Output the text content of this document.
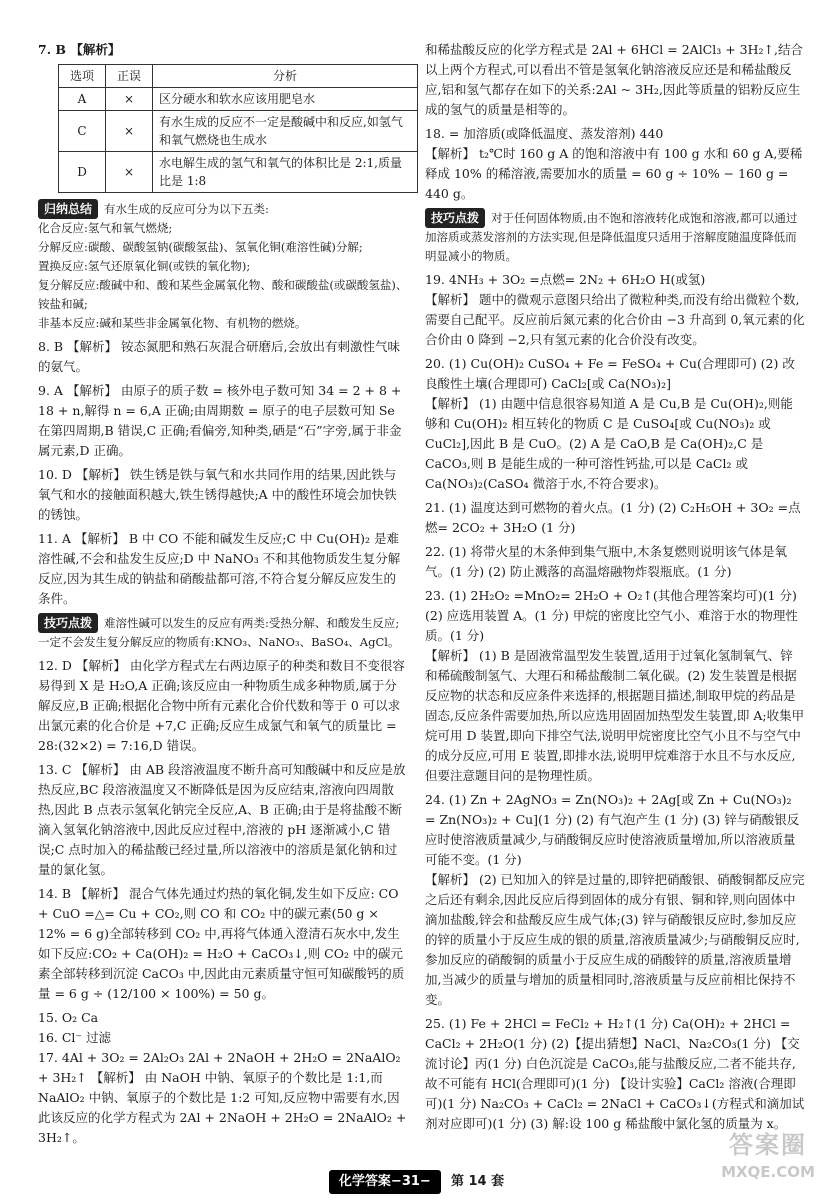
7. B 【解析】

选项	正误	分析
A	×	区分硬水和软水应该用肥皂水
C	×	有水生成的反应不一定是酸碱中和反应,如氢气和氧气燃烧也生成水
D	×	水电解生成的氢气和氧气的体积比是 2:1,质量比是 1:8
归纳总结 有水生成的反应可分为以下五类:

化合反应:氢气和氧气燃烧;

分解反应:碳酸、碳酸氢钠(碳酸氢盐)、氢氧化铜(难溶性碱)分解;

置换反应:氢气还原氧化铜(或铁的氧化物);

复分解反应:酸碱中和、酸和某些金属氧化物、酸和碳酸盐(或碳酸氢盐)、铵盐和碱;

非基本反应:碱和某些非金属氧化物、有机物的燃烧。

8. B 【解析】 铵态氮肥和熟石灰混合研磨后,会放出有刺激性气味的氨气。

9. A 【解析】 由原子的质子数 = 核外电子数可知 34 = 2 + 8 + 18 + n,解得 n = 6,A 正确;由周期数 = 原子的电子层数可知 Se 在第四周期,B 错误,C 正确;看偏旁,知种类,硒是“石”字旁,属于非金属元素,D 正确。

10. D 【解析】 铁生锈是铁与氧气和水共同作用的结果,因此铁与氧气和水的接触面积越大,铁生锈得越快;A 中的酸性环境会加快铁的锈蚀。

11. A 【解析】 B 中 CO 不能和碱发生反应;C 中 Cu(OH)₂ 是难溶性碱,不会和盐发生反应;D 中 NaNO₃ 不和其他物质发生复分解反应,因为其生成的钠盐和硝酸盐都可溶,不符合复分解反应发生的条件。

技巧点拨 难溶性碱可以发生的反应有两类:受热分解、和酸发生反应;一定不会发生复分解反应的物质有:KNO₃、NaNO₃、BaSO₄、AgCl。

12. D 【解析】 由化学方程式左右两边原子的种类和数目不变很容易得到 X 是 H₂O,A 正确;该反应由一种物质生成多种物质,属于分解反应,B 正确;根据化合物中所有元素化合价代数和等于 0 可以求出氯元素的化合价是 +7,C 正确;反应生成氯气和氧气的质量比 = 28:(32×2) = 7:16,D 错误。

13. C 【解析】 由 AB 段溶液温度不断升高可知酸碱中和反应是放热反应,BC 段溶液温度又不断降低是因为反应结束,溶液向四周散热,因此 B 点表示氢氧化钠完全反应,A、B 正确;由于是将盐酸不断滴入氢氧化钠溶液中,因此反应过程中,溶液的 pH 逐渐减小,C 错误;C 点时加入的稀盐酸已经过量,所以溶液中的溶质是氯化钠和过量的氯化氢。

14. B 【解析】 混合气体先通过灼热的氧化铜,发生如下反应: CO + CuO =△= Cu + CO₂,则 CO 和 CO₂ 中的碳元素(50 g × 12% = 6 g)全部转移到 CO₂ 中,再将气体通入澄清石灰水中,发生如下反应:CO₂ + Ca(OH)₂ = H₂O + CaCO₃↓,则 CO₂ 中的碳元素全部转移到沉淀 CaCO₃ 中,因此由元素质量守恒可知碳酸钙的质量 = 6 g ÷ (12/100 × 100%) = 50 g。

15. O₂ Ca

16. Cl⁻ 过滤

17. 4Al + 3O₂ = 2Al₂O₃ 2Al + 2NaOH + 2H₂O = 2NaAlO₂ + 3H₂↑ 【解析】 由 NaOH 中钠、氧原子的个数比是 1:1,而 NaAlO₂ 中钠、氧原子的个数比是 1:2 可知,反应物中需要有水,因此该反应的化学方程式为 2Al + 2NaOH + 2H₂O = 2NaAlO₂ + 3H₂↑。

和稀盐酸反应的化学方程式是 2Al + 6HCl = 2AlCl₃ + 3H₂↑,结合以上两个方程式,可以看出不管是氢氧化钠溶液反应还是和稀盐酸反应,铝和氢气都存在如下的关系:2Al ~ 3H₂,因此等质量的铝粉反应生成的氢气的质量是相等的。

18. = 加溶质(或降低温度、蒸发溶剂) 440

【解析】 t₂℃时 160 g A 的饱和溶液中有 100 g 水和 60 g A,要稀释成 10% 的稀溶液,需要加水的质量 = 60 g ÷ 10% − 160 g = 440 g。

技巧点拨 对于任何固体物质,由不饱和溶液转化成饱和溶液,都可以通过加溶质或蒸发溶剂的方法实现,但是降低温度只适用于溶解度随温度降低而明显减小的物质。

19. 4NH₃ + 3O₂ =点燃= 2N₂ + 6H₂O H(或氢)

【解析】 题中的微观示意图只给出了微粒种类,而没有给出微粒个数,需要自己配平。反应前后氮元素的化合价由 −3 升高到 0,氧元素的化合价由 0 降到 −2,只有氢元素的化合价没有改变。

20. (1) Cu(OH)₂ CuSO₄ + Fe = FeSO₄ + Cu(合理即可) (2) 改良酸性土壤(合理即可) CaCl₂[或 Ca(NO₃)₂]

【解析】 (1) 由题中信息很容易知道 A 是 Cu,B 是 Cu(OH)₂,则能够和 Cu(OH)₂ 相互转化的物质 C 是 CuSO₄[或 Cu(NO₃)₂ 或 CuCl₂],因此 B 是 CuO。(2) A 是 CaO,B 是 Ca(OH)₂,C 是 CaCO₃,则 B 是能生成的一种可溶性钙盐,可以是 CaCl₂ 或 Ca(NO₃)₂(CaSO₄ 微溶于水,不符合要求)。

21. (1) 温度达到可燃物的着火点。(1 分) (2) C₂H₅OH + 3O₂ =点燃= 2CO₂ + 3H₂O (1 分)

22. (1) 将带火星的木条伸到集气瓶中,木条复燃则说明该气体是氧气。(1 分) (2) 防止溅落的高温熔融物炸裂瓶底。(1 分)

23. (1) 2H₂O₂ =MnO₂= 2H₂O + O₂↑(其他合理答案均可)(1 分) (2) 应选用装置 A。(1 分) 甲烷的密度比空气小、难溶于水的物理性质。(1 分)

【解析】 (1) B 是固液常温型发生装置,适用于过氧化氢制氧气、锌和稀硫酸制氢气、大理石和稀盐酸制二氧化碳。(2) 发生装置是根据反应物的状态和反应条件来选择的,根据题目描述,制取甲烷的药品是固态,反应条件需要加热,所以应选用固固加热型发生装置,即 A;收集甲烷可用 D 装置,即向下排空气法,说明甲烷密度比空气小且不与空气中的成分反应,可用 E 装置,即排水法,说明甲烷难溶于水且不与水反应,但要注意题目问的是物理性质。

24. (1) Zn + 2AgNO₃ = Zn(NO₃)₂ + 2Ag[或 Zn + Cu(NO₃)₂ = Zn(NO₃)₂ + Cu](1 分) (2) 有气泡产生 (1 分) (3) 锌与硝酸银反应时使溶液质量减少,与硝酸铜反应时使溶液质量增加,所以溶液质量可能不变。(1 分)

【解析】 (2) 已知加入的锌是过量的,即锌把硝酸银、硝酸铜都反应完之后还有剩余,因此反应后得到固体的成分有银、铜和锌,则向固体中滴加盐酸,锌会和盐酸反应生成气体;(3) 锌与硝酸银反应时,参加反应的锌的质量小于反应生成的银的质量,溶液质量减少;与硝酸铜反应时,参加反应的硝酸铜的质量小于反应生成的硝酸锌的质量,溶液质量增加,当减少的质量与增加的质量相同时,溶液质量与反应前相比保持不变。

25. (1) Fe + 2HCl = FeCl₂ + H₂↑(1 分) Ca(OH)₂ + 2HCl = CaCl₂ + 2H₂O(1 分) (2)【提出猜想】NaCl、Na₂CO₃(1 分) 【交流讨论】丙(1 分) 白色沉淀是 CaCO₃,能与盐酸反应,二者不能共存,故不可能有 HCl(合理即可)(1 分) 【设计实验】CaCl₂ 溶液(合理即可)(1 分) Na₂CO₃ + CaCl₂ = 2NaCl + CaCO₃↓(方程式和滴加试剂对应即可)(1 分) (3) 解:设 100 g 稀盐酸中氯化氢的质量为 x。

化学答案−31− 第 14 套
答案圈
MXQE.COM
